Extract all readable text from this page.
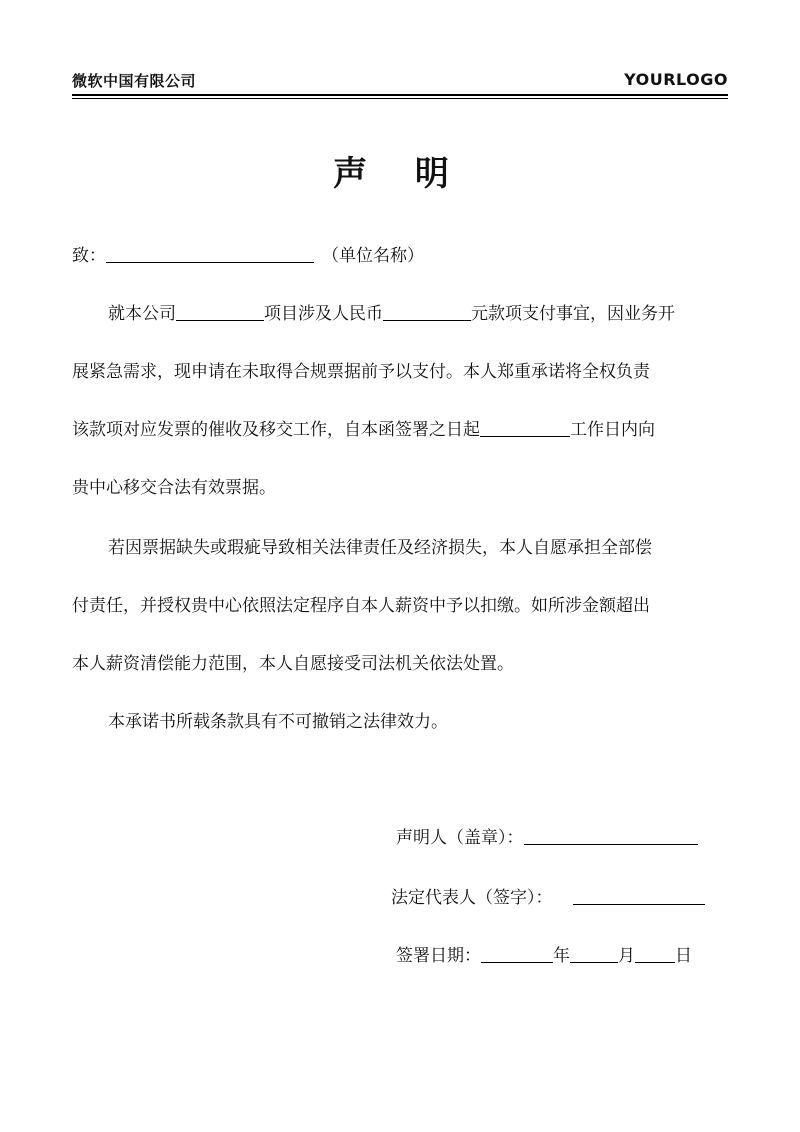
微软中国有限公司	YOURLOGO
声 明
致：	（单位名称）
就本公司	项目涉及人民币	元款项支付事宜，因业务开
展紧急需求，现申请在未取得合规票据前予以支付。本人郑重承诺将全权负责
该款项对应发票的催收及移交工作，自本函签署之日起	工作日内向
贵中心移交合法有效票据。
若因票据缺失或瑕疵导致相关法律责任及经济损失，本人自愿承担全部偿
付责任，并授权贵中心依照法定程序自本人薪资中予以扣缴。如所涉金额超出
本人薪资清偿能力范围，本人自愿接受司法机关依法处置。
本承诺书所载条款具有不可撤销之法律效力。
声明人（盖章）：
法定代表人（签字）：
签署日期：	年	月 日
